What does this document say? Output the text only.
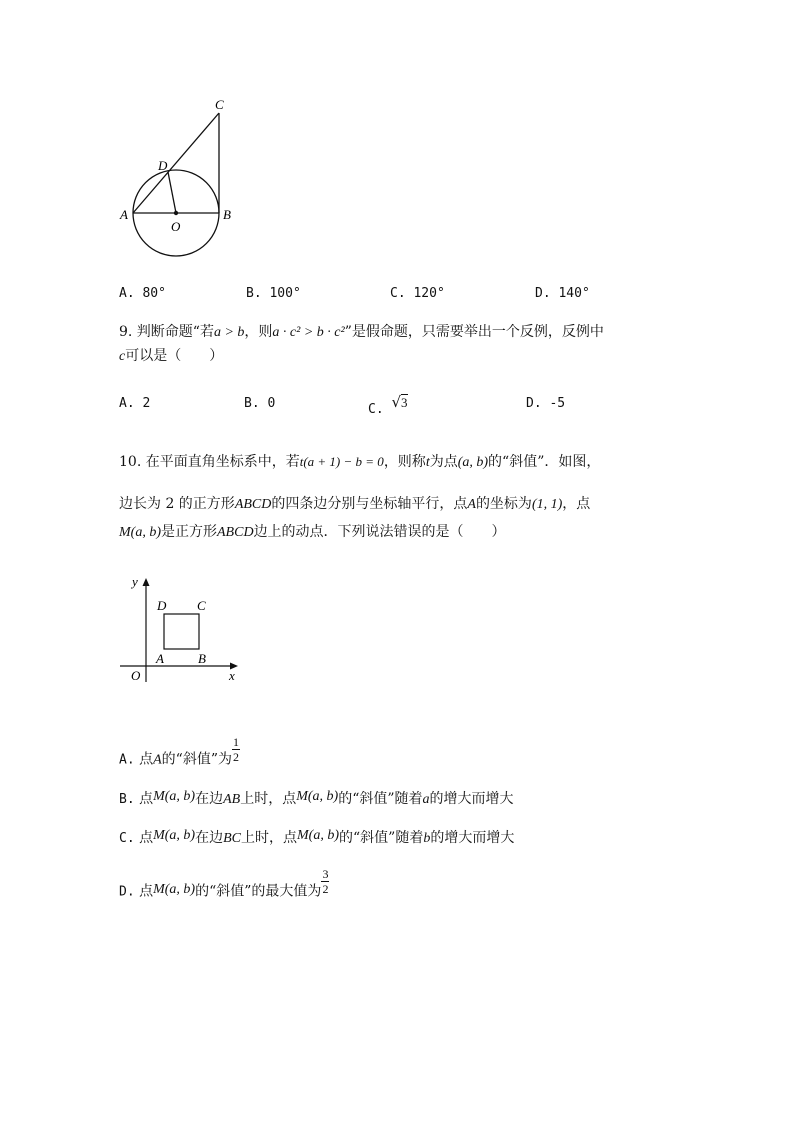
C
D
A	B
O
A. 80°	B. 100°	C. 120°	D. 140°
9. 判断命题“若a > b，则a · c² > b · c²”是假命题，只需要举出一个反例，反例中
c可以是（　　）
A. 2	B. 0	C. √3	D. -5
10. 在平面直角坐标系中，若t(a + 1) − b = 0，则称t为点(a, b)的“斜值”．如图，
边长为 2 的正方形ABCD的四条边分别与坐标轴平行，点A的坐标为(1, 1)，点
M(a, b)是正方形ABCD边上的动点．下列说法错误的是（　　）
y
x
O
D C
A	B
A. 点A的“斜值”为 $\frac{1}{2}$
B. 点M(a, b)在边AB上时，点M(a, b)的“斜值”随着a的增大而增大
C. 点M(a, b)在边BC上时，点M(a, b)的“斜值”随着b的增大而增大
D. 点M(a, b)的“斜值”的最大值为 $\frac{3}{2}$
